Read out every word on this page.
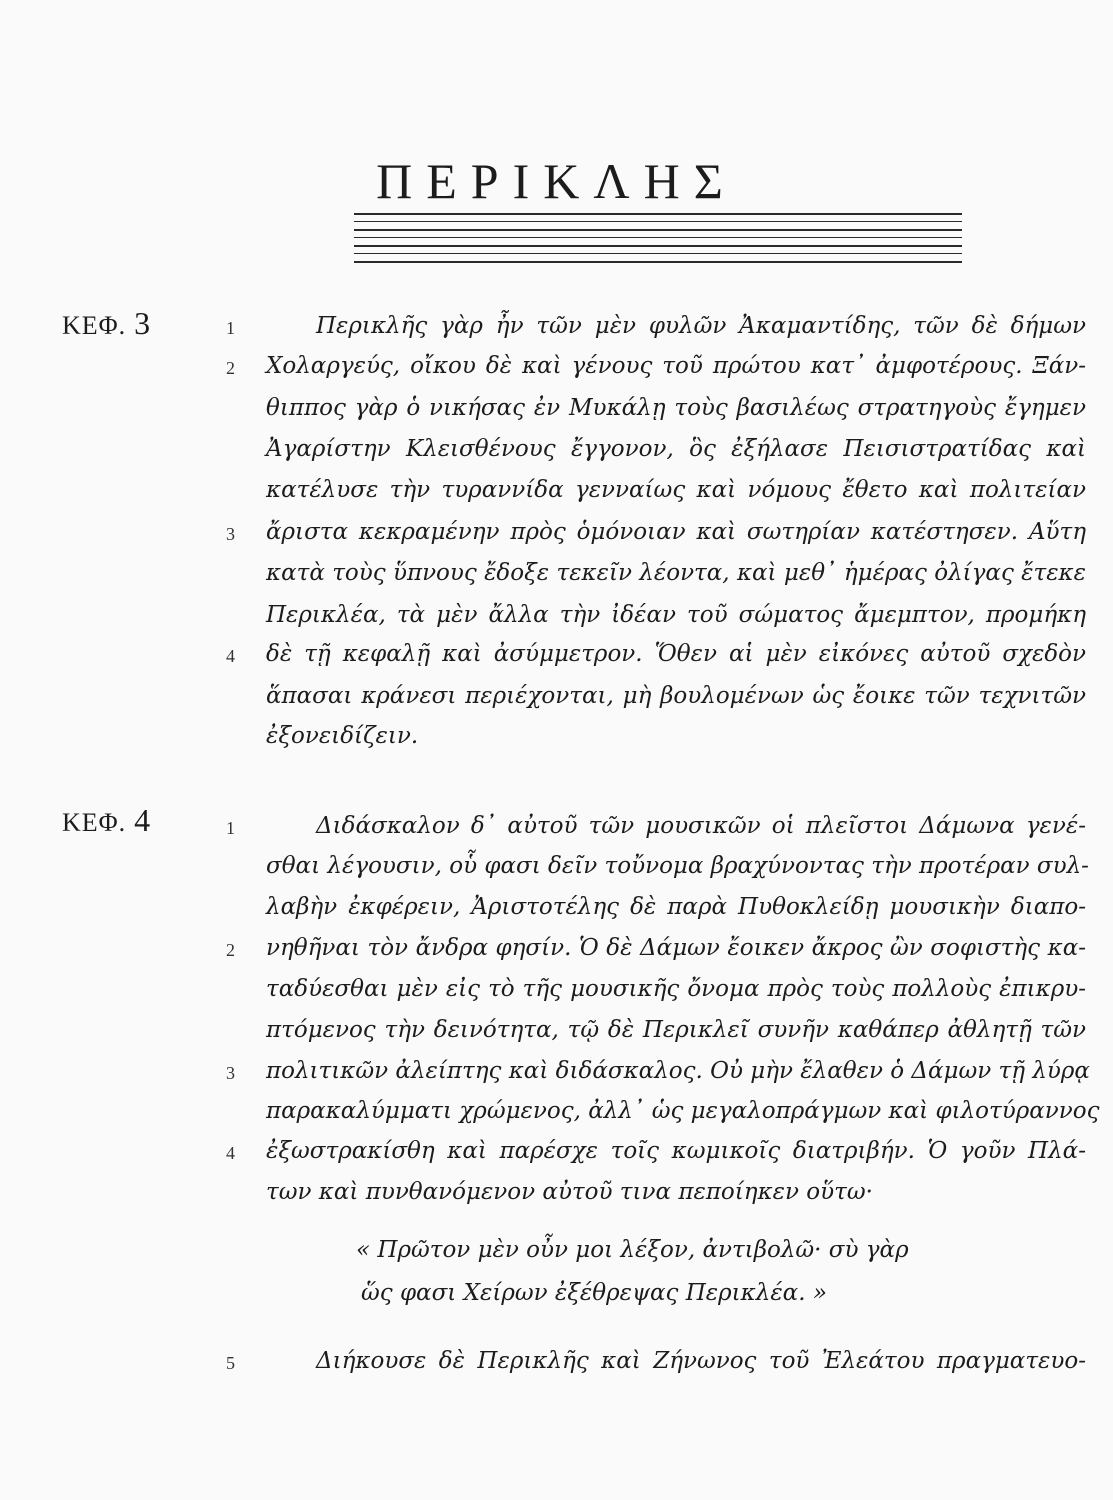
ΠΕΡΙΚΛΗΣ
ΚΕΦ. 3	1
2
3
4
Περικλῆς γὰρ ἦν τῶν μὲν φυλῶν Ἀκαμαντίδης, τῶν δὲ δήμων
Χολαργεύς, οἴκου δὲ καὶ γένους τοῦ πρώτου κατ᾽ ἀμφοτέρους. Ξάν-
θιππος γὰρ ὁ νικήσας ἐν Μυκάλῃ τοὺς βασιλέως στρατηγοὺς ἔγημεν
Ἀγαρίστην Κλεισθένους ἔγγονον, ὃς ἐξήλασε Πεισιστρατίδας καὶ
κατέλυσε τὴν τυραννίδα γενναίως καὶ νόμους ἔθετο καὶ πολιτείαν
ἄριστα κεκραμένην πρὸς ὁμόνοιαν καὶ σωτηρίαν κατέστησεν. Αὕτη
κατὰ τοὺς ὕπνους ἔδοξε τεκεῖν λέοντα, καὶ μεθ᾽ ἡμέρας ὀλίγας ἔτεκε
Περικλέα, τὰ μὲν ἄλλα τὴν ἰδέαν τοῦ σώματος ἄμεμπτον, προμήκη
δὲ τῇ κεφαλῇ καὶ ἀσύμμετρον. Ὅθεν αἱ μὲν εἰκόνες αὐτοῦ σχεδὸν
ἅπασαι κράνεσι περιέχονται, μὴ βουλομένων ὡς ἔοικε τῶν τεχνιτῶν
ἐξονειδίζειν.
ΚΕΦ. 4	1
2
3
4
5
Διδάσκαλον δ᾽ αὐτοῦ τῶν μουσικῶν οἱ πλεῖστοι Δάμωνα γενέ-
σθαι λέγουσιν, οὗ φασι δεῖν τοὔνομα βραχύνοντας τὴν προτέραν συλ-
λαβὴν ἐκφέρειν, Ἀριστοτέλης δὲ παρὰ Πυθοκλείδῃ μουσικὴν διαπο-
νηθῆναι τὸν ἄνδρα φησίν. Ὁ δὲ Δάμων ἔοικεν ἄκρος ὢν σοφιστὴς κα-
ταδύεσθαι μὲν εἰς τὸ τῆς μουσικῆς ὄνομα πρὸς τοὺς πολλοὺς ἐπικρυ-
πτόμενος τὴν δεινότητα, τῷ δὲ Περικλεῖ συνῆν καθάπερ ἀθλητῇ τῶν
πολιτικῶν ἀλείπτης καὶ διδάσκαλος. Οὐ μὴν ἔλαθεν ὁ Δάμων τῇ λύρᾳ
παρακαλύμματι χρώμενος, ἀλλ᾽ ὡς μεγαλοπράγμων καὶ φιλοτύραννος
ἐξωστρακίσθη καὶ παρέσχε τοῖς κωμικοῖς διατριβήν. Ὁ γοῦν Πλά-
των καὶ πυνθανόμενον αὐτοῦ τινα πεποίηκεν οὕτω·
« Πρῶτον μὲν οὖν μοι λέξον, ἀντιβολῶ· σὺ γὰρ
ὥς φασι Χείρων ἐξέθρεψας Περικλέα. »
Διήκουσε δὲ Περικλῆς καὶ Ζήνωνος τοῦ Ἐλεάτου πραγματευο-
